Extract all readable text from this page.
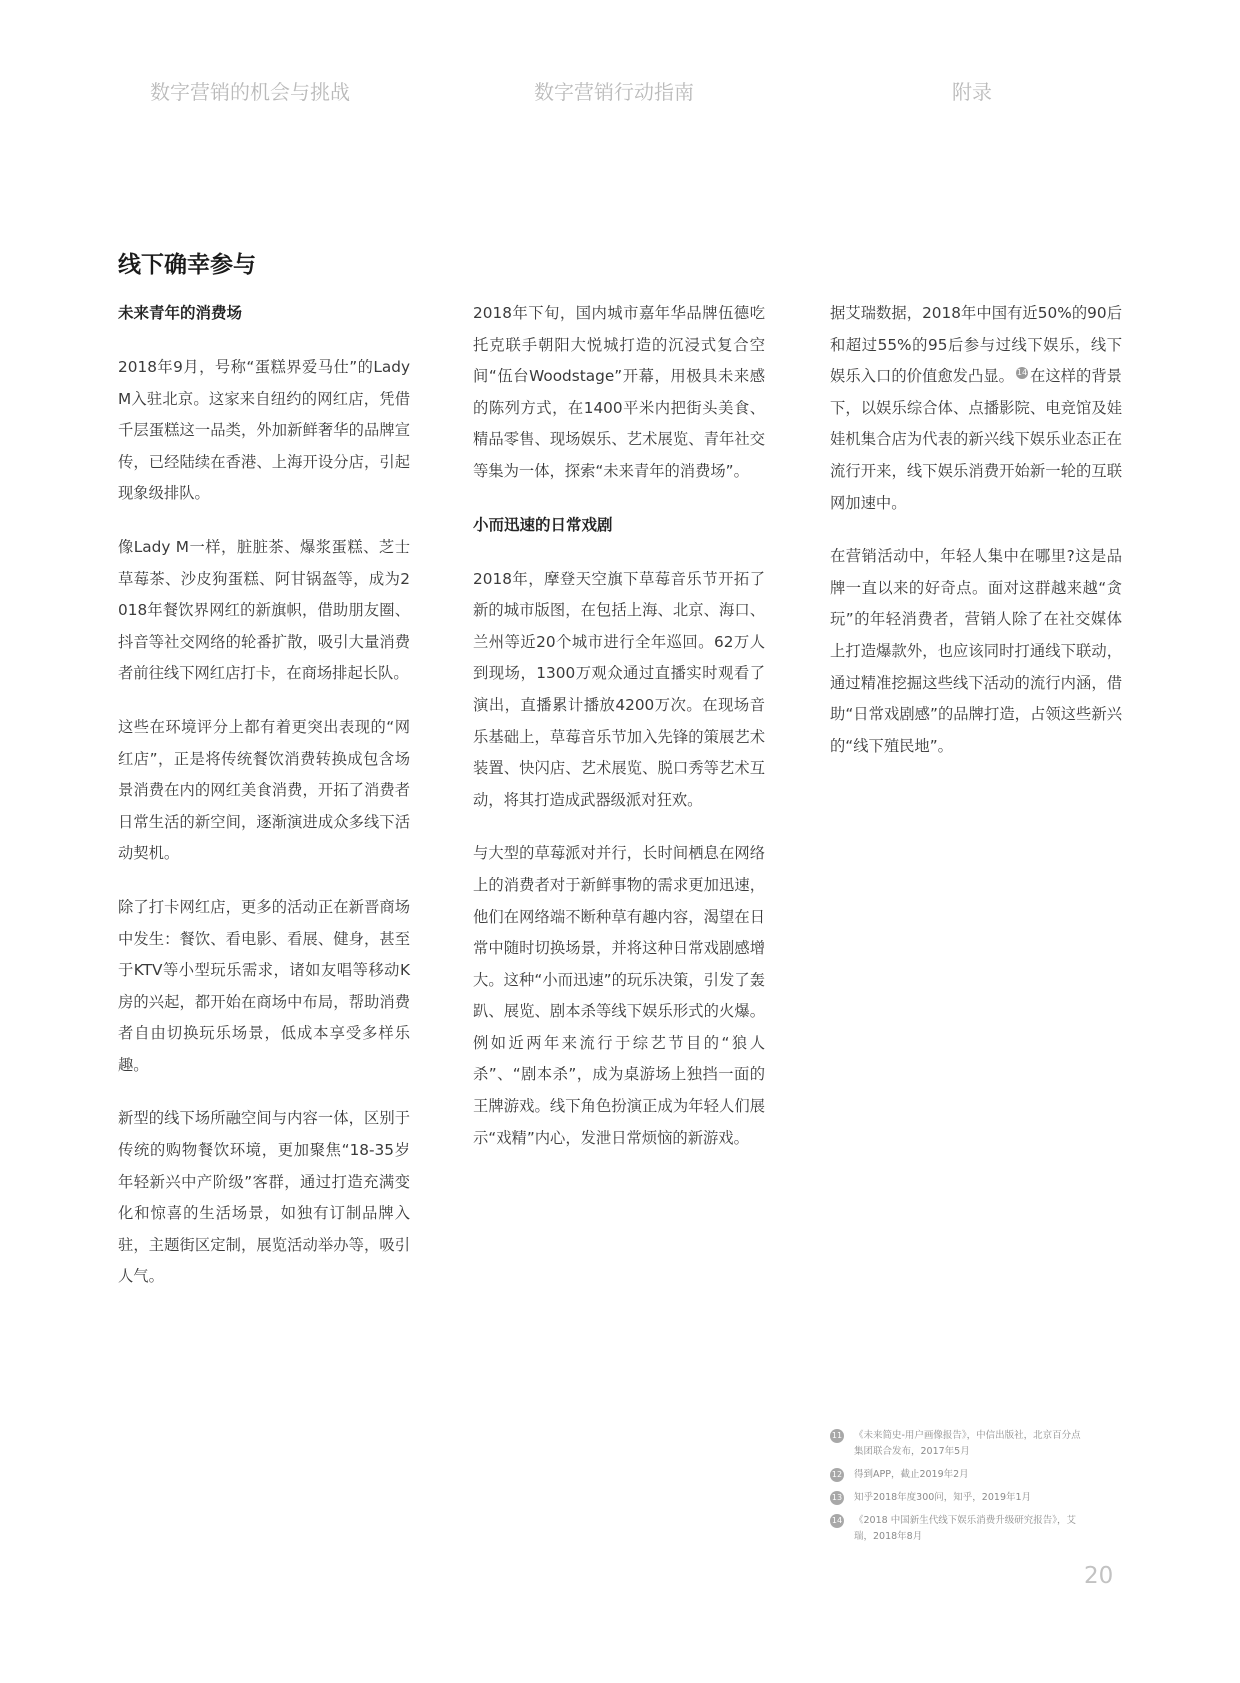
数字营销的机会与挑战	数字营销行动指南	附录
线下确幸参与
未来青年的消费场

2018年9月，号称“蛋糕界爱马仕”的Lady M入驻北京。这家来自纽约的网红店，凭借千层蛋糕这一品类，外加新鲜奢华的品牌宣传，已经陆续在香港、上海开设分店，引起现象级排队。

像Lady M一样，脏脏茶、爆浆蛋糕、芝士草莓茶、沙皮狗蛋糕、阿甘锅盔等，成为2018年餐饮界网红的新旗帜，借助朋友圈、抖音等社交网络的轮番扩散，吸引大量消费者前往线下网红店打卡，在商场排起长队。

这些在环境评分上都有着更突出表现的“网红店”，正是将传统餐饮消费转换成包含场景消费在内的网红美食消费，开拓了消费者日常生活的新空间，逐渐演进成众多线下活动契机。

除了打卡网红店，更多的活动正在新晋商场中发生：餐饮、看电影、看展、健身，甚至于KTV等小型玩乐需求，诸如友唱等移动K房的兴起，都开始在商场中布局，帮助消费者自由切换玩乐场景，低成本享受多样乐趣。

新型的线下场所融空间与内容一体，区别于传统的购物餐饮环境，更加聚焦“18-35岁年轻新兴中产阶级”客群，通过打造充满变化和惊喜的生活场景，如独有订制品牌入驻，主题街区定制，展览活动举办等，吸引人气。

2018年下旬，国内城市嘉年华品牌伍德吃托克联手朝阳大悦城打造的沉浸式复合空间“伍台Woodstage”开幕，用极具未来感的陈列方式，在1400平米内把街头美食、精品零售、现场娱乐、艺术展览、青年社交等集为一体，探索“未来青年的消费场”。

小而迅速的日常戏剧

2018年，摩登天空旗下草莓音乐节开拓了新的城市版图，在包括上海、北京、海口、兰州等近20个城市进行全年巡回。62万人到现场，1300万观众通过直播实时观看了演出，直播累计播放4200万次。在现场音乐基础上，草莓音乐节加入先锋的策展艺术装置、快闪店、艺术展览、脱口秀等艺术互动，将其打造成武器级派对狂欢。

与大型的草莓派对并行，长时间栖息在网络上的消费者对于新鲜事物的需求更加迅速，他们在网络端不断种草有趣内容，渴望在日常中随时切换场景，并将这种日常戏剧感增大。这种“小而迅速”的玩乐决策，引发了轰趴、展览、剧本杀等线下娱乐形式的火爆。例如近两年来流行于综艺节目的“狼人杀”、“剧本杀”，成为桌游场上独挡一面的王牌游戏。线下角色扮演正成为年轻人们展示“戏精”内心，发泄日常烦恼的新游戏。

据艾瑞数据，2018年中国有近50%的90后和超过55%的95后参与过线下娱乐，线下娱乐入口的价值愈发凸显。 14 在这样的背景下，以娱乐综合体、点播影院、电竞馆及娃娃机集合店为代表的新兴线下娱乐业态正在流行开来，线下娱乐消费开始新一轮的互联网加速中。

在营销活动中，年轻人集中在哪里?这是品牌一直以来的好奇点。面对这群越来越“贪玩”的年轻消费者，营销人除了在社交媒体上打造爆款外，也应该同时打通线下联动，通过精准挖掘这些线下活动的流行内涵，借助“日常戏剧感”的品牌打造，占领这些新兴的“线下殖民地”。

11 《未来简史-用户画像报告》，中信出版社，北京百分点集团联合发布，2017年5月
12 得到APP，截止2019年2月
13 知乎2018年度300问，知乎，2019年1月
14 《2018 中国新生代线下娱乐消费升级研究报告》，艾瑞，2018年8月
20
